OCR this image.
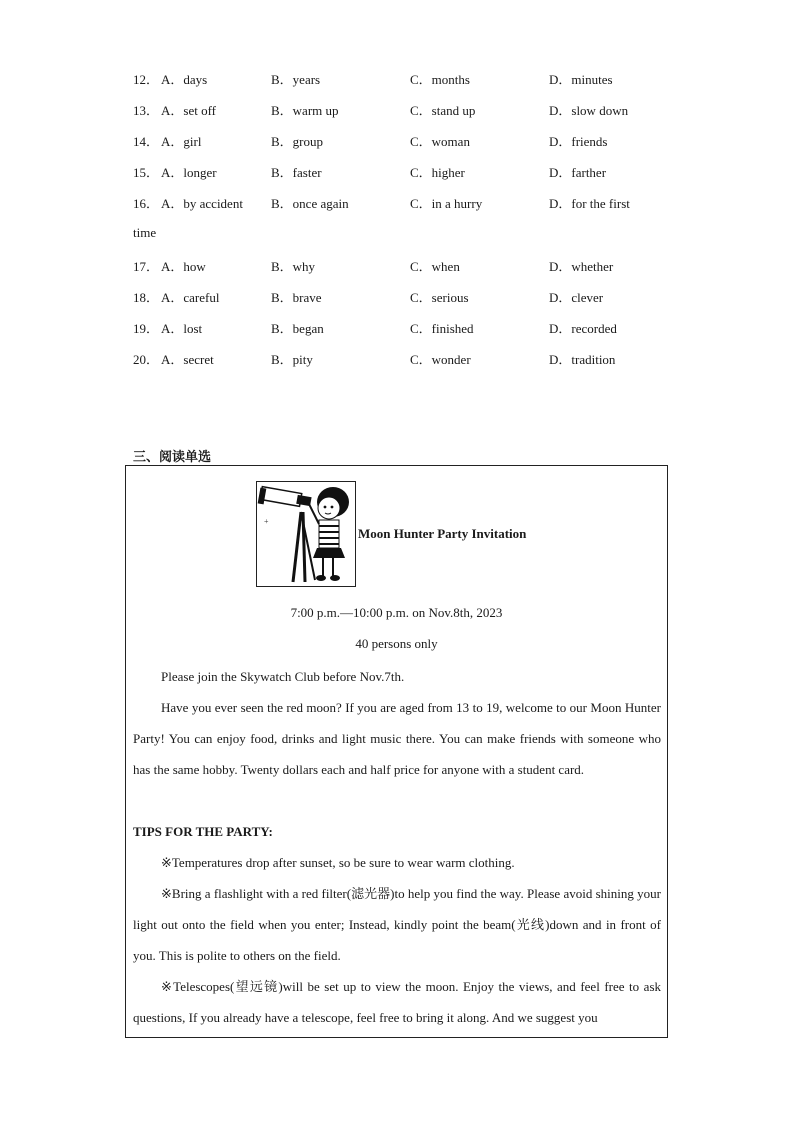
12． A．days	B．years	C．months	D．minutes
13． A．set off	B．warm up	C．stand up	D．slow down
14． A．girl	B．group	C．woman	D．friends
15． A．longer	B．faster	C．higher	D．farther
16． A．by accident B．once again	C．in a hurry	D．for the first
time
17． A．how	B．why	C．when	D．whether
18． A．careful	B．brave	C．serious	D．clever
19． A．lost	B．began	C．finished	D．recorded
20． A．secret	B．pity	C．wonder	D．tradition
三、阅读单选
+
Moon Hunter Party Invitation
7:00 p.m.—10:00 p.m. on Nov.8th, 2023
40 persons only
Please join the Skywatch Club before Nov.7th.
Have you ever seen the red moon? If you are aged from 13 to 19, welcome to our Moon Hunter Party! You can enjoy food, drinks and light music there. You can make friends with someone who has the same hobby. Twenty dollars each and half price for anyone with a student card.
TIPS FOR THE PARTY:
※Temperatures drop after sunset, so be sure to wear warm clothing.
※Bring a flashlight with a red filter(滤光器)to help you find the way. Please avoid shining your light out onto the field when you enter; Instead, kindly point the beam(光线)down and in front of you. This is polite to others on the field.
※Telescopes(望远镜)will be set up to view the moon. Enjoy the views, and feel free to ask questions, If you already have a telescope, feel free to bring it along. And we suggest you
